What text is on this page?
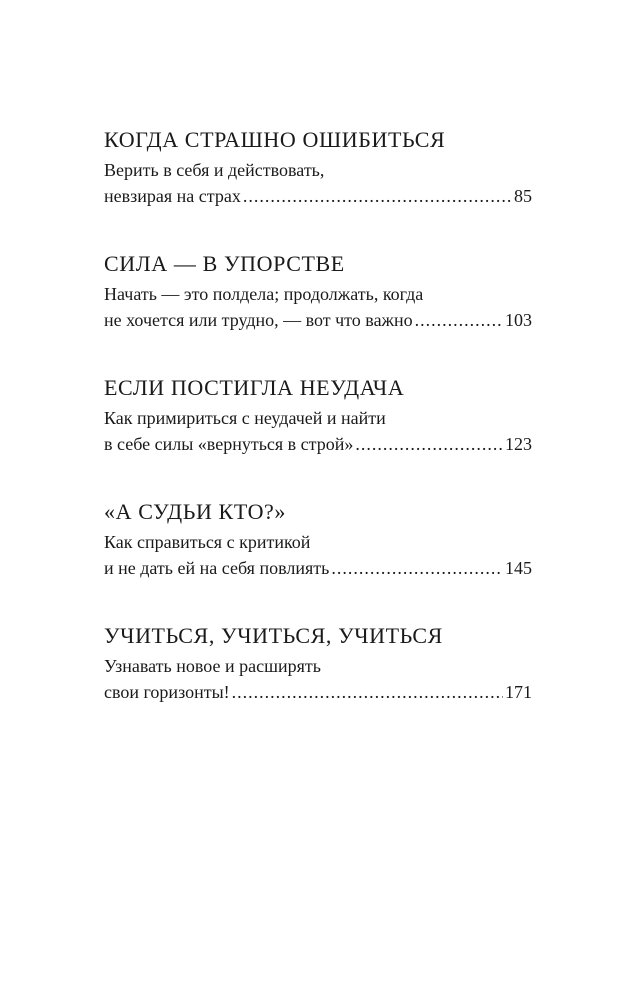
КОГДА СТРАШНО ОШИБИТЬСЯ
Верить в себя и действовать,
невзирая на страх .....	85
СИЛА — В УПОРСТВЕ
Начать — это полдела; продолжать, когда
не хочется или трудно, — вот что важно .....	103
ЕСЛИ ПОСТИГЛА НЕУДАЧА
Как примириться с неудачей и найти
в себе силы «вернуться в строй» .....	123
«А СУДЬИ КТО?»
Как справиться с критикой
и не дать ей на себя повлиять .....	145
УЧИТЬСЯ, УЧИТЬСЯ, УЧИТЬСЯ
Узнавать новое и расширять
свои горизонты! .....	171
